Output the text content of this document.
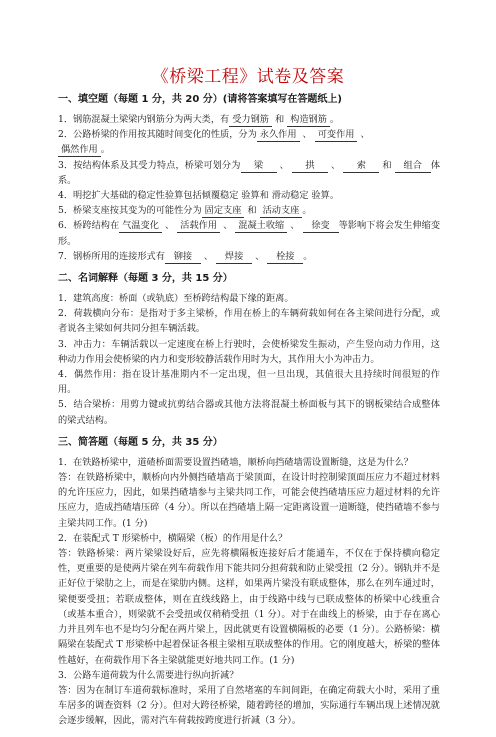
《桥梁工程》试卷及答案
一、填空题（每题 1 分，共 20 分）(请将答案填写在答题纸上)

1．钢筋混凝土梁梁内钢筋分为两大类，有 受力钢筋 和 构造钢筋 。

2．公路桥梁的作用按其随时间变化的性质，分为 永久作用 、 可变作用 、
偶然作用 。

3．按结构体系及其受力特点，桥梁可划分为 梁 、 拱 、 索 和 组合 体系。

4．明挖扩大基础的稳定性验算包括倾覆稳定 验算和 滑动稳定 验算。

5．桥梁支座按其变为的可能性分为 固定支座 和 活动支座 。

6．桥跨结构在 气温变化 、 活载作用 、 混凝土收缩 、 徐变 等影响下将会发生伸缩变形。

7．钢桥所用的连接形式有 铆接 、 焊接 、 栓接 。

二、名词解释（每题 3 分，共 15 分）

1．建筑高度：桥面（或轨底）至桥跨结构最下缘的距离。

2．荷载横向分布：是指对于多主梁桥，作用在桥上的车辆荷载如何在各主梁间进行分配，或者说各主梁如何共同分担车辆活载。

3．冲击力：车辆活载以一定速度在桥上行驶时，会使桥梁发生振动，产生竖向动力作用，这种动力作用会使桥梁的内力和变形较静活载作用时为大，其作用大小为冲击力。

4．偶然作用：指在设计基准期内不一定出现，但一旦出现，其值很大且持续时间很短的作用。

5．结合梁桥：用剪力键或抗剪结合器或其他方法将混凝土桥面板与其下的钢板梁结合成整体的梁式结构。

三、简答题（每题 5 分，共 35 分）

1．在铁路桥梁中，道碴桥面需要设置挡碴墙，顺桥向挡碴墙需设置断缝，这是为什么？

答：在铁路桥梁中，顺桥向内外侧挡碴墙高于梁顶面，在设计时控制梁顶面压应力不超过材料的允许压应力，因此，如果挡碴墙参与主梁共同工作，可能会使挡碴墙压应力超过材料的允许压应力，造成挡碴墙压碎（4 分）。所以在挡碴墙上隔一定距离设置一道断缝，使挡碴墙不参与主梁共同工作。(1 分)

2．在装配式 T 形梁桥中，横隔梁（板）的作用是什么？

答：铁路桥梁：两片梁梁设好后，应先将横隔板连接好后才能通车，不仅在于保持横向稳定性，更重要的是使两片梁在列车荷载作用下能共同分担荷载和防止梁受扭（2 分）。钢轨并不是正好位于梁肋之上，而是在梁肋内侧。这样，如果两片梁没有联成整体，那么在列车通过时，梁便要受扭；若联成整体，则在直线线路上，由于线路中线与已联成整体的桥梁中心线重合（或基本重合），则梁就不会受扭或仅稍稍受扭（1 分）。对于在曲线上的桥梁，由于存在离心力并且列车也不是均匀分配在两片梁上，因此就更有设置横隔板的必要（1 分）。公路桥梁：横隔梁在装配式 T 形梁桥中起着保证各根主梁相互联成整体的作用。它的刚度越大，桥梁的整体性越好，在荷载作用下各主梁就能更好地共同工作。(1 分)

3．公路车道荷载为什么需要进行纵向折减？

答：因为在制订车道荷载标准时，采用了自然堵塞的车间间距，在确定荷载大小时，采用了重车居多的调查资料（2 分）。但对大跨径桥梁，随着跨径的增加，实际通行车辆出现上述情况就会逐步缓解，因此，需对汽车荷载按跨度进行折减（3 分）。
